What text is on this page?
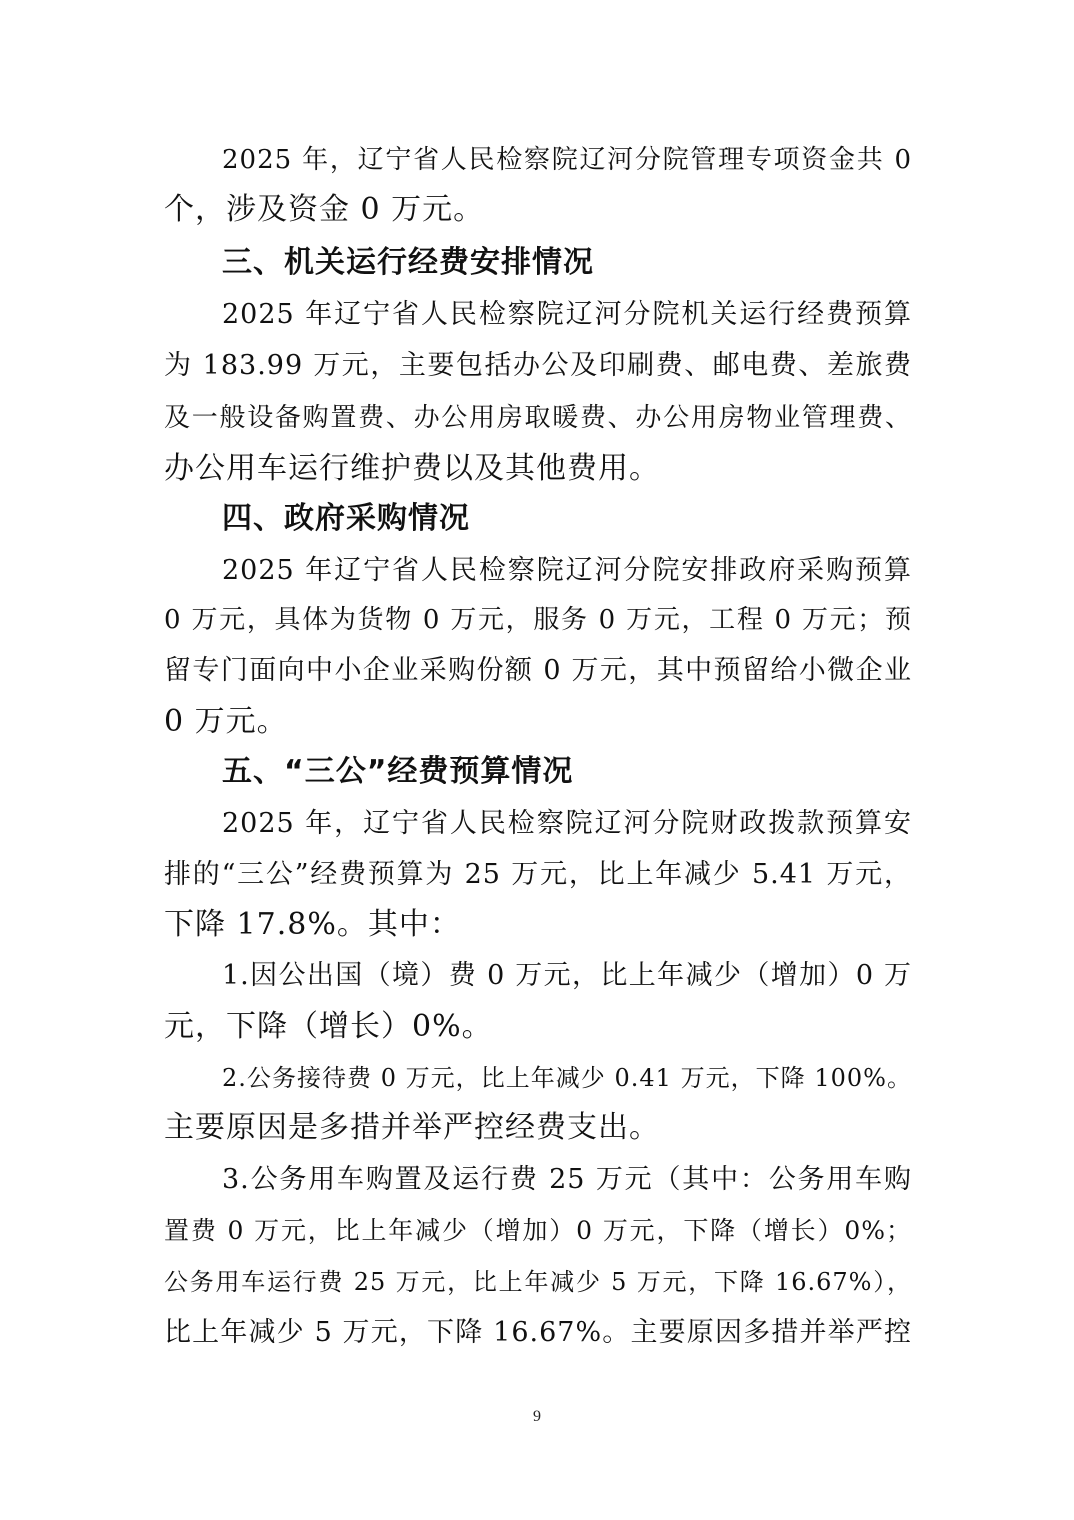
2025 年，辽宁省人民检察院辽河分院管理专项资金共 0
个，涉及资金 0 万元。
三、机关运行经费安排情况
2025 年辽宁省人民检察院辽河分院机关运行经费预算
为 183.99 万元，主要包括办公及印刷费、邮电费、差旅费
及一般设备购置费、办公用房取暖费、办公用房物业管理费、
办公用车运行维护费以及其他费用。
四、政府采购情况
2025 年辽宁省人民检察院辽河分院安排政府采购预算
0 万元，具体为货物 0 万元，服务 0 万元，工程 0 万元；预
留专门面向中小企业采购份额 0 万元，其中预留给小微企业
0 万元。
五、“三公”经费预算情况
2025 年，辽宁省人民检察院辽河分院财政拨款预算安
排的“三公”经费预算为 25 万元，比上年减少 5.41 万元，
下降 17.8%。其中：
1.因公出国（境）费 0 万元，比上年减少（增加）0 万
元，下降（增长）0%。
2.公务接待费 0 万元，比上年减少 0.41 万元，下降 100%。
主要原因是多措并举严控经费支出。
3.公务用车购置及运行费 25 万元（其中：公务用车购
置费 0 万元，比上年减少（增加）0 万元，下降（增长）0%；
公务用车运行费 25 万元，比上年减少 5 万元，下降 16.67%），
比上年减少 5 万元，下降 16.67%。主要原因多措并举严控
9
